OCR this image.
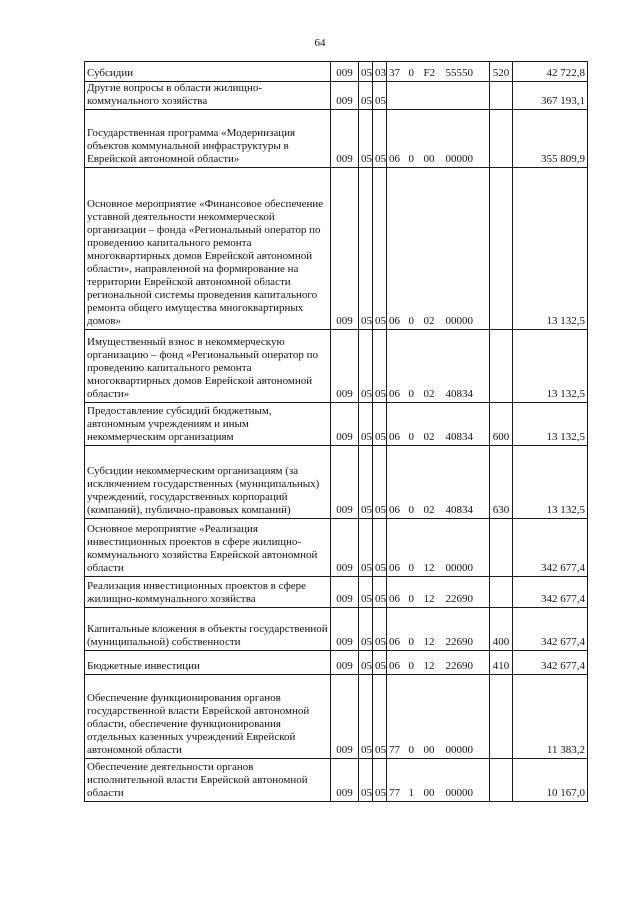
64
Субсидии	009	05	03	37	0	F2	55550	520	42 722,8
Другие вопросы в области жилищно-коммунального хозяйства	009	05	05						367 193,1
Государственная программа «Модернизация объектов коммунальной инфраструктуры в Еврейской автономной области»	009	05	05	06	0	00	00000		355 809,9
Основное мероприятие «Финансовое обеспечение уставной деятельности некоммерческой организации – фонда «Региональный оператор по проведению капитального ремонта многоквартирных домов Еврейской автономной области», направленной на формирование на территории Еврейской автономной области региональной системы проведения капитального ремонта общего имущества многоквартирных домов»	009	05	05	06	0	02	00000		13 132,5
Имущественный взнос в некоммерческую организацию – фонд «Региональный оператор по проведению капитального ремонта многоквартирных домов Еврейской автономной области»	009	05	05	06	0	02	40834		13 132,5
Предоставление субсидий бюджетным, автономным учреждениям и иным некоммерческим организациям	009	05	05	06	0	02	40834	600	13 132,5
Субсидии некоммерческим организациям (за исключением государственных (муниципальных) учреждений, государственных корпораций (компаний), публично-правовых компаний)	009	05	05	06	0	02	40834	630	13 132,5
Основное мероприятие «Реализация инвестиционных проектов в сфере жилищно-коммунального хозяйства Еврейской автономной области	009	05	05	06	0	12	00000		342 677,4
Реализация инвестиционных проектов в сфере жилищно-коммунального хозяйства	009	05	05	06	0	12	22690		342 677,4
Капитальные вложения в объекты государственной (муниципальной) собственности	009	05	05	06	0	12	22690	400	342 677,4
Бюджетные инвестиции	009	05	05	06	0	12	22690	410	342 677,4
Обеспечение функционирования органов государственной власти Еврейской автономной области, обеспечение функционирования отдельных казенных учреждений Еврейской автономной области	009	05	05	77	0	00	00000		11 383,2
Обеспечение деятельности органов исполнительной власти Еврейской автономной области	009	05	05	77	1	00	00000		10 167,0
